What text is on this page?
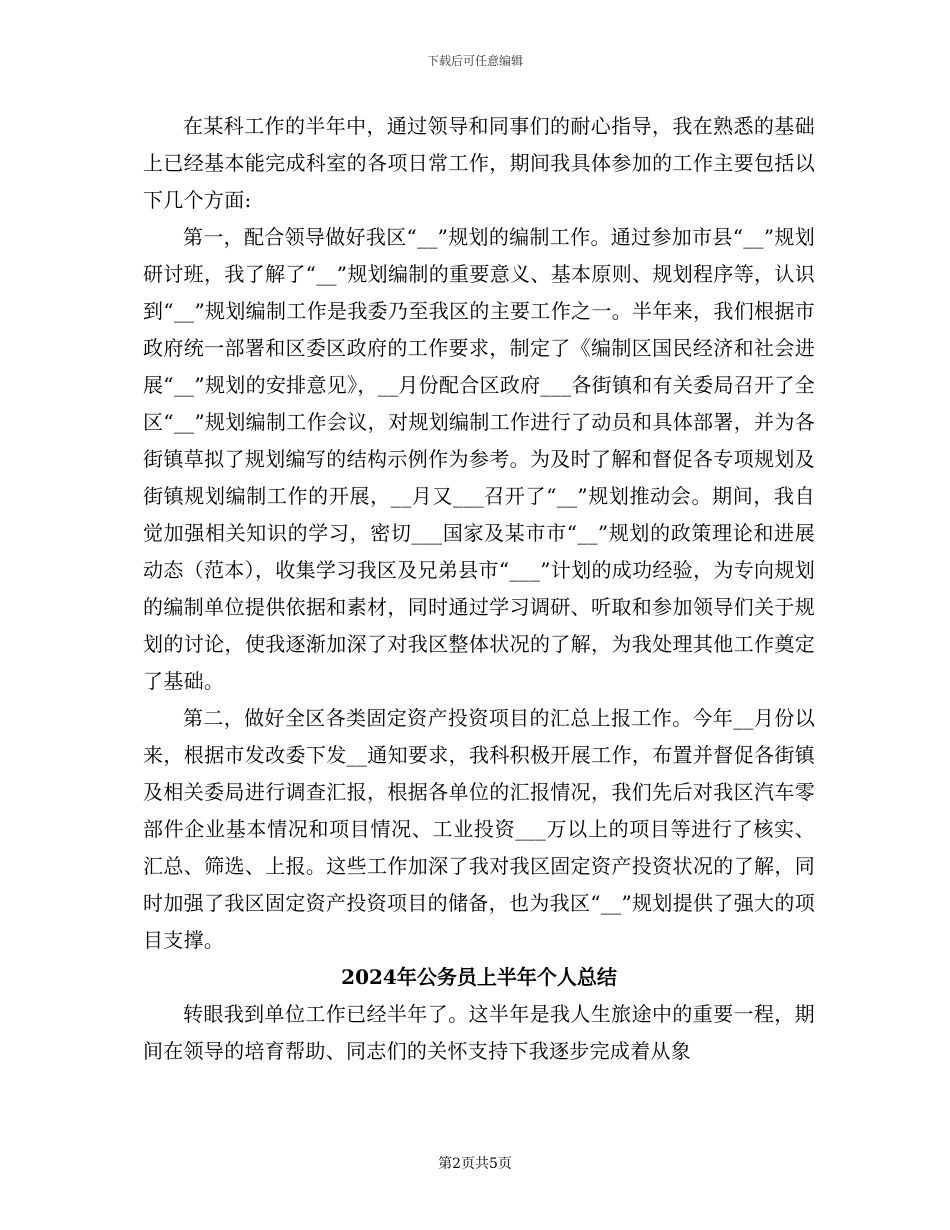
下载后可任意编辑

在某科工作的半年中，通过领导和同事们的耐心指导，我在熟悉的基础上已经基本能完成科室的各项日常工作，期间我具体参加的工作主要包括以下几个方面:

第一，配合领导做好我区“__”规划的编制工作。通过参加市县“__”规划研讨班，我了解了“__”规划编制的重要意义、基本原则、规划程序等，认识到“__”规划编制工作是我委乃至我区的主要工作之一。半年来，我们根据市政府统一部署和区委区政府的工作要求，制定了《编制区国民经济和社会进展“__”规划的安排意见》，__月份配合区政府___各街镇和有关委局召开了全区“__”规划编制工作会议，对规划编制工作进行了动员和具体部署，并为各街镇草拟了规划编写的结构示例作为参考。为及时了解和督促各专项规划及街镇规划编制工作的开展，__月又___召开了“__”规划推动会。期间，我自觉加强相关知识的学习，密切___国家及某市市“__”规划的政策理论和进展动态（范本），收集学习我区及兄弟县市“___”计划的成功经验，为专向规划的编制单位提供依据和素材，同时通过学习调研、听取和参加领导们关于规划的讨论，使我逐渐加深了对我区整体状况的了解，为我处理其他工作奠定了基础。

第二，做好全区各类固定资产投资项目的汇总上报工作。今年__月份以来，根据市发改委下发__通知要求，我科积极开展工作，布置并督促各街镇及相关委局进行调查汇报，根据各单位的汇报情况，我们先后对我区汽车零部件企业基本情况和项目情况、工业投资___万以上的项目等进行了核实、汇总、筛选、上报。这些工作加深了我对我区固定资产投资状况的了解，同时加强了我区固定资产投资项目的储备，也为我区“__”规划提供了强大的项目支撑。

2024年公务员上半年个人总结

转眼我到单位工作已经半年了。这半年是我人生旅途中的重要一程，期间在领导的培育帮助、同志们的关怀支持下我逐步完成着从象

第2页共5页
